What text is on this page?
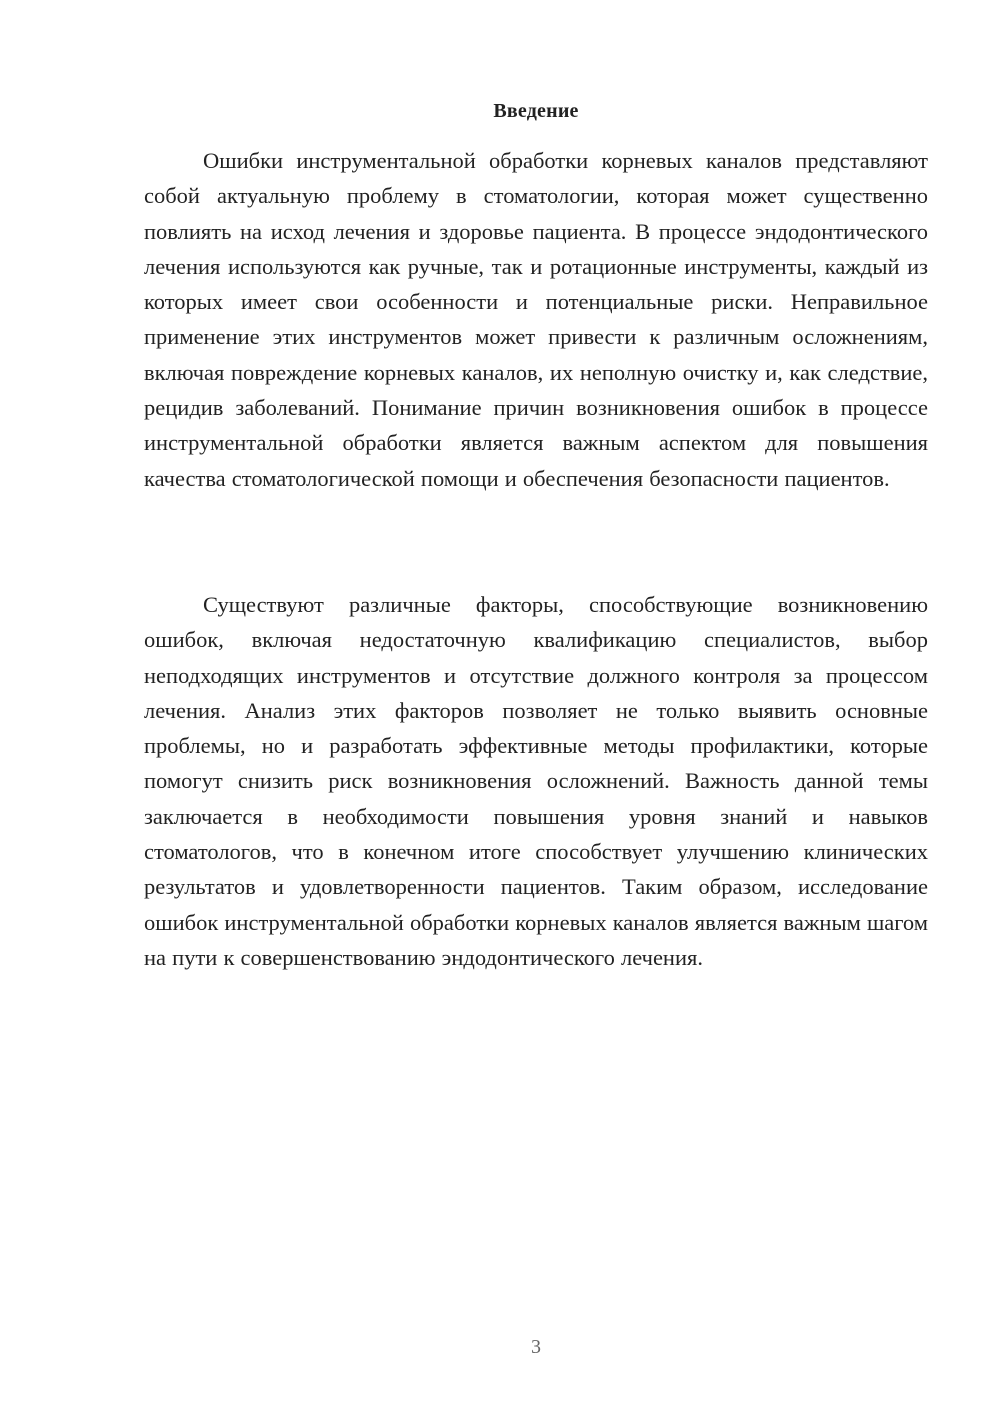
Введение

Ошибки инструментальной обработки корневых каналов представляют собой актуальную проблему в стоматологии, которая может существенно повлиять на исход лечения и здоровье пациента. В процессе эндодонтического лечения используются как ручные, так и ротационные инструменты, каждый из которых имеет свои особенности и потенциальные риски. Неправильное применение этих инструментов может привести к различным осложнениям, включая повреждение корневых каналов, их неполную очистку и, как следствие, рецидив заболеваний. Понимание причин возникновения ошибок в процессе инструментальной обработки является важным аспектом для повышения качества стоматологической помощи и обеспечения безопасности пациентов.

Существуют различные факторы, способствующие возникновению ошибок, включая недостаточную квалификацию специалистов, выбор неподходящих инструментов и отсутствие должного контроля за процессом лечения. Анализ этих факторов позволяет не только выявить основные проблемы, но и разработать эффективные методы профилактики, которые помогут снизить риск возникновения осложнений. Важность данной темы заключается в необходимости повышения уровня знаний и навыков стоматологов, что в конечном итоге способствует улучшению клинических результатов и удовлетворенности пациентов. Таким образом, исследование ошибок инструментальной обработки корневых каналов является важным шагом на пути к совершенствованию эндодонтического лечения.

3
